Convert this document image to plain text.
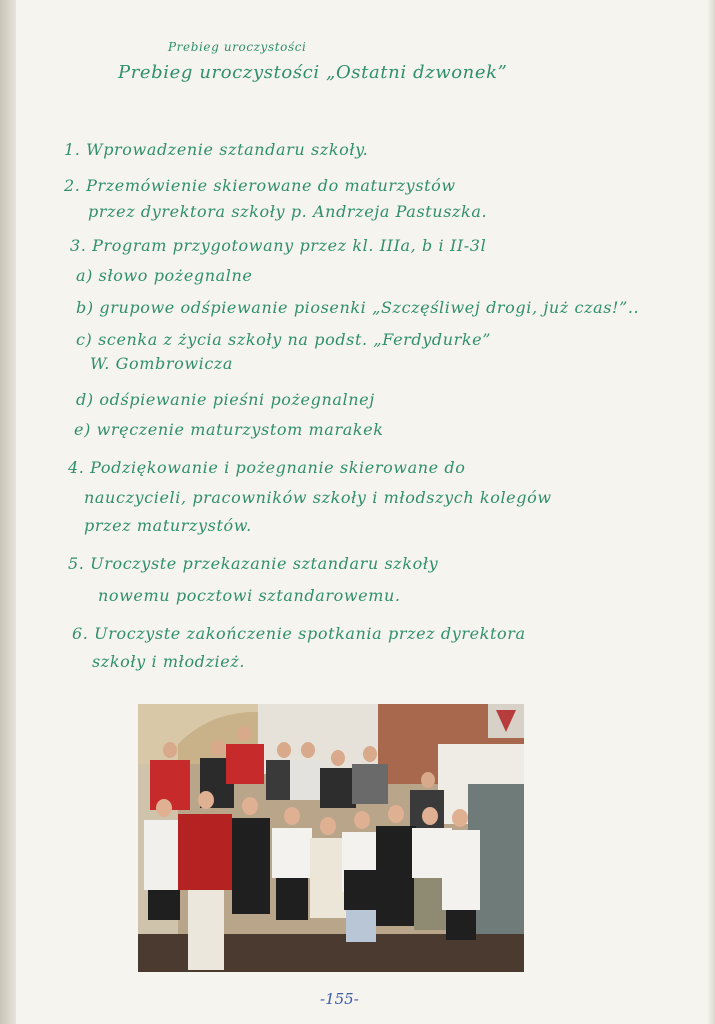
Prebieg uroczystości
Prebieg uroczystości „Ostatni dzwonek”
1. Wprowadzenie sztandaru szkoły.
2. Przemówienie skierowane do maturzystów
przez dyrektora szkoły p. Andrzeja Pastuszka.
3. Program przygotowany przez kl. IIIa, b i II-3l
a) słowo pożegnalne
b) grupowe odśpiewanie piosenki „Szczęśliwej drogi, już czas!”..
c) scenka z życia szkoły na podst. „Ferdydurke”
W. Gombrowicza
d) odśpiewanie pieśni pożegnalnej
e) wręczenie maturzystom marakek
4. Podziękowanie i pożegnanie skierowane do
nauczycieli, pracowników szkoły i młodszych kolegów
przez maturzystów.
5. Uroczyste przekazanie sztandaru szkoły
nowemu pocztowi sztandarowemu.
6. Uroczyste zakończenie spotkania przez dyrektora
szkoły i młodzież.
-155-
